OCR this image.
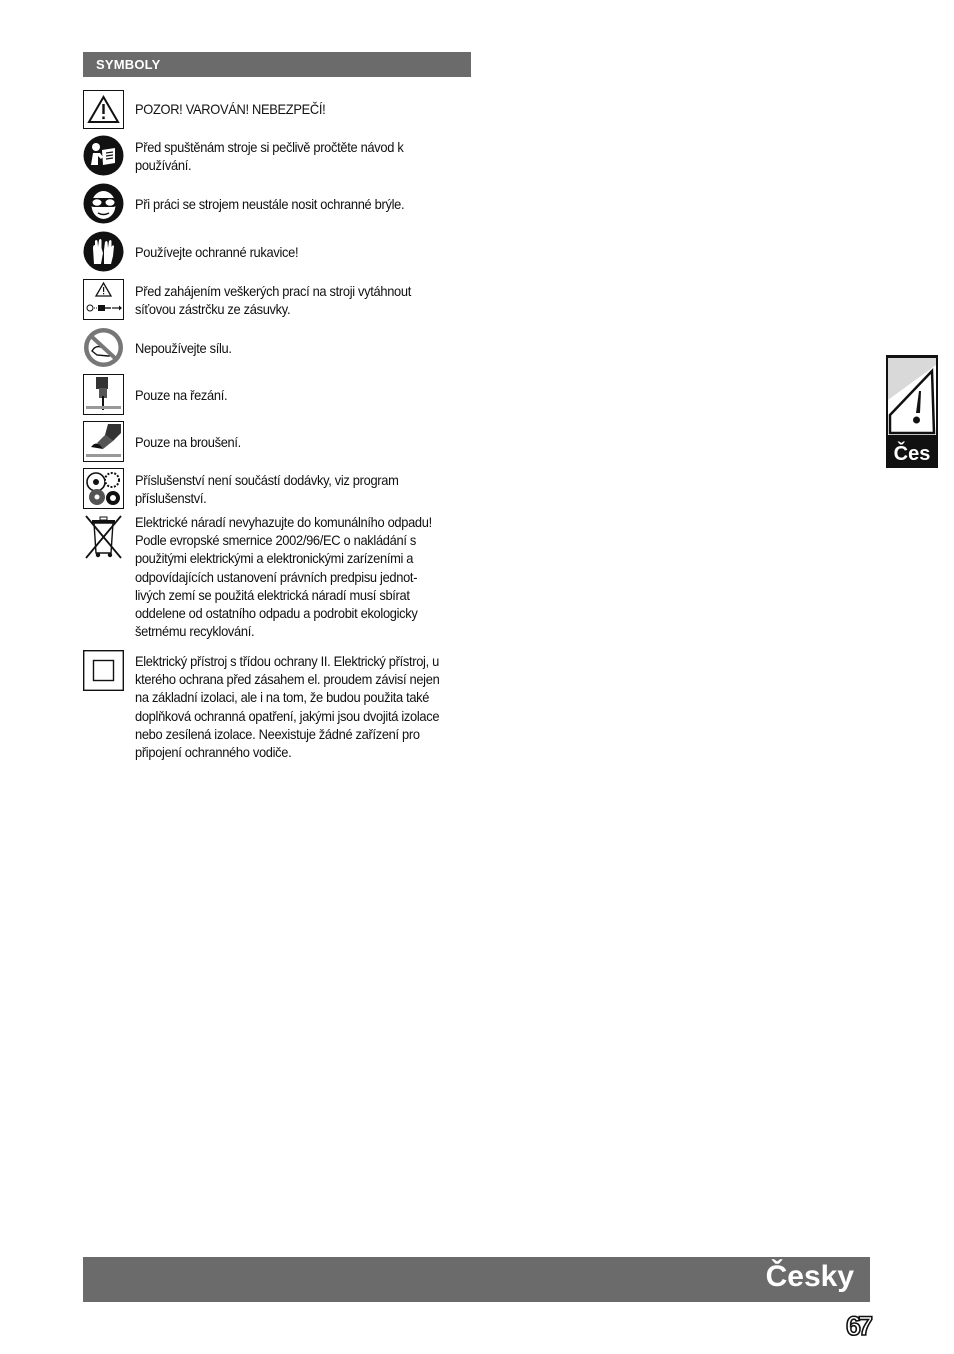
SYMBOLY
POZOR! VAROVÁN! NEBEZPEČÍ!
Před spuštěnám stroje si pečlivě pročtěte návod k
používání.
Při práci se strojem neustále nosit ochranné brýle.
Používejte ochranné rukavice!
Před zahájením veškerých prací na stroji vytáhnout
síťovou zástrčku ze zásuvky.
Nepoužívejte sílu.
Pouze na řezání.
Pouze na broušení.
Příslušenství není součástí dodávky, viz program
příslušenství.
Elektrické náradí nevyhazujte do komunálního odpadu!
Podle evropské smernice 2002/96/EC o nakládání s
použitými elektrickými a elektronickými zarízeními a
odpovídajících ustanovení právních predpisu jednot-
livých zemí se použitá elektrická náradí musí sbírat
oddelene od ostatního odpadu a podrobit ekologicky
šetrnému recyklování.
Elektrický přístroj s třídou ochrany II. Elektrický přístroj, u
kterého ochrana před zásahem el. proudem závisí nejen
na základní izolaci, ale i na tom, že budou použita také
doplňková ochranná opatření, jakými jsou dvojitá izolace
nebo zesílená izolace. Neexistuje žádné zařízení pro
připojení ochranného vodiče.
Čes
Česky
67
